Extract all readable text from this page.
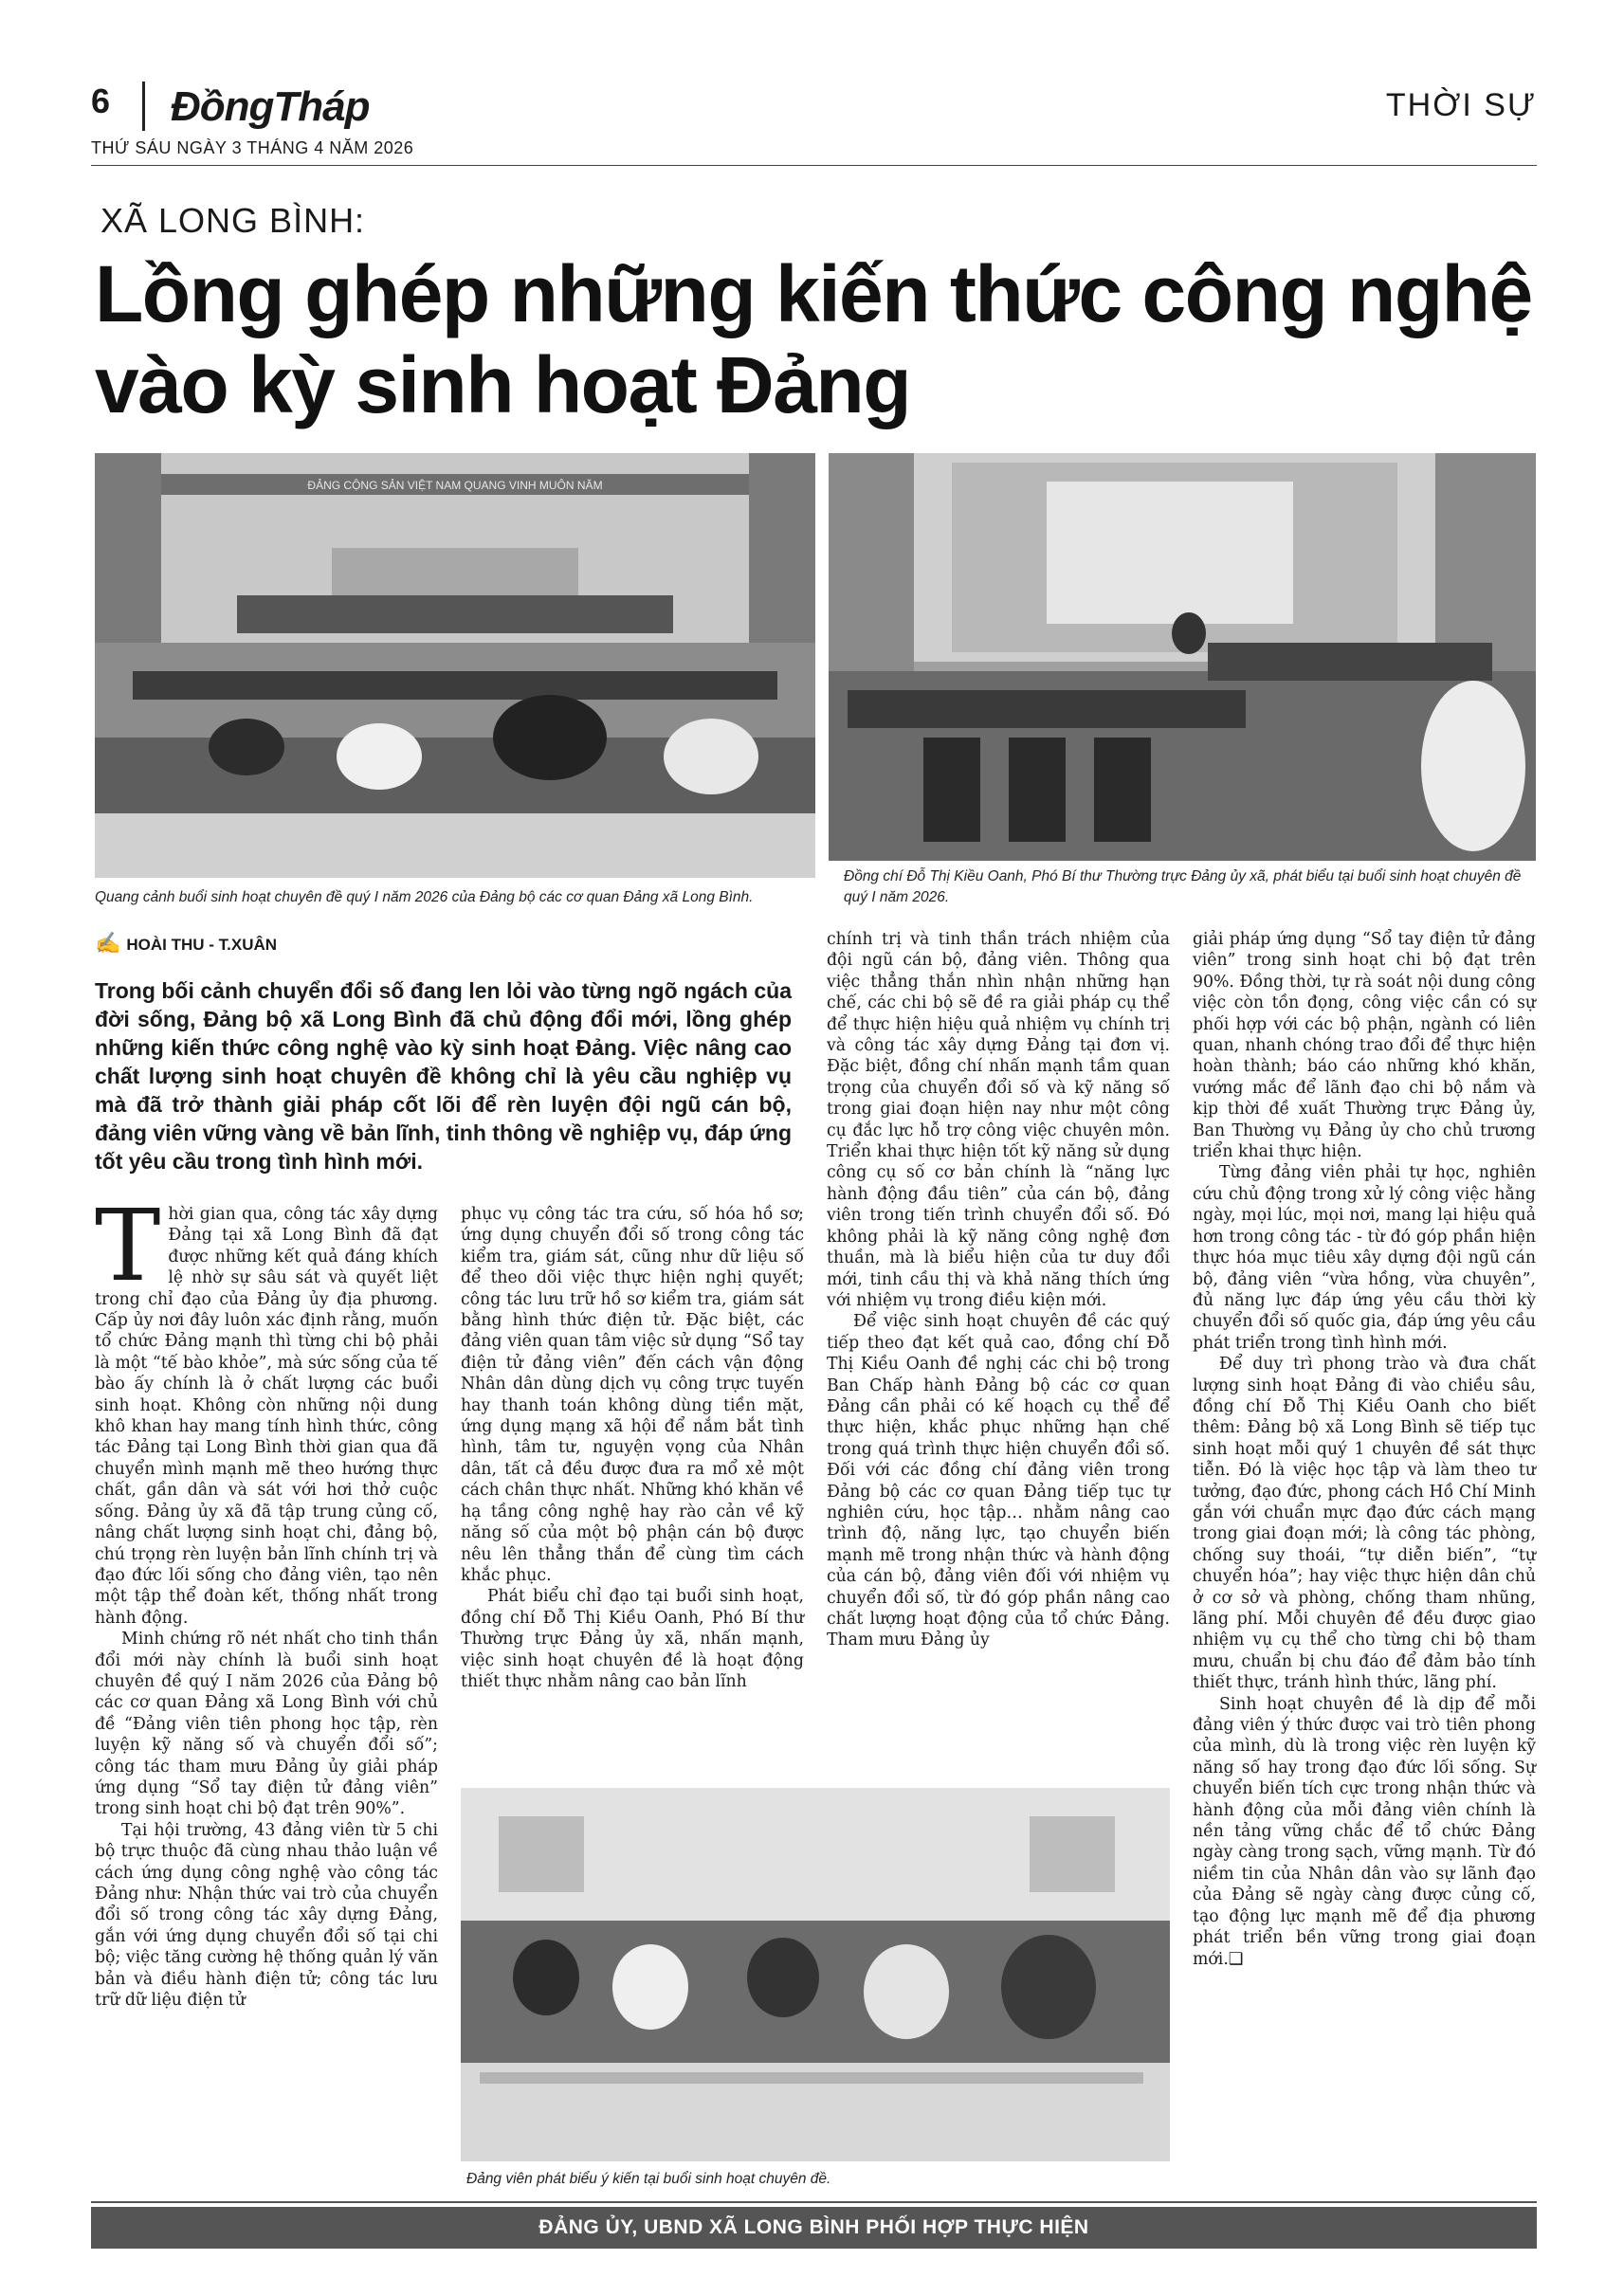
6 ĐồngTháp	THỜI SỰ
THỨ SÁU NGÀY 3 THÁNG 4 NĂM 2026
XÃ LONG BÌNH:
Lồng ghép những kiến thức công nghệ vào kỳ sinh hoạt Đảng
ĐẢNG CỘNG SẢN VIỆT NAM QUANG VINH MUÔN NĂM
Quang cảnh buổi sinh hoạt chuyên đề quý I năm 2026 của Đảng bộ các cơ quan Đảng xã Long Bình.
Đồng chí Đỗ Thị Kiều Oanh, Phó Bí thư Thường trực Đảng ủy xã, phát biểu tại buổi sinh hoạt chuyên đề quý I năm 2026.
✍ HOÀI THU - T.XUÂN
Trong bối cảnh chuyển đổi số đang len lỏi vào từng ngõ ngách của đời sống, Đảng bộ xã Long Bình đã chủ động đổi mới, lồng ghép những kiến thức công nghệ vào kỳ sinh hoạt Đảng. Việc nâng cao chất lượng sinh hoạt chuyên đề không chỉ là yêu cầu nghiệp vụ mà đã trở thành giải pháp cốt lõi để rèn luyện đội ngũ cán bộ, đảng viên vững vàng về bản lĩnh, tinh thông về nghiệp vụ, đáp ứng tốt yêu cầu trong tình hình mới.

Thời gian qua, công tác xây dựng Đảng tại xã Long Bình đã đạt được những kết quả đáng khích lệ nhờ sự sâu sát và quyết liệt trong chỉ đạo của Đảng ủy địa phương. Cấp ủy nơi đây luôn xác định rằng, muốn tổ chức Đảng mạnh thì từng chi bộ phải là một “tế bào khỏe”, mà sức sống của tế bào ấy chính là ở chất lượng các buổi sinh hoạt. Không còn những nội dung khô khan hay mang tính hình thức, công tác Đảng tại Long Bình thời gian qua đã chuyển mình mạnh mẽ theo hướng thực chất, gần dân và sát với hơi thở cuộc sống. Đảng ủy xã đã tập trung củng cố, nâng chất lượng sinh hoạt chi, đảng bộ, chú trọng rèn luyện bản lĩnh chính trị và đạo đức lối sống cho đảng viên, tạo nên một tập thể đoàn kết, thống nhất trong hành động.

Minh chứng rõ nét nhất cho tinh thần đổi mới này chính là buổi sinh hoạt chuyên đề quý I năm 2026 của Đảng bộ các cơ quan Đảng xã Long Bình với chủ đề “Đảng viên tiên phong học tập, rèn luyện kỹ năng số và chuyển đổi số”; công tác tham mưu Đảng ủy giải pháp ứng dụng “Sổ tay điện tử đảng viên” trong sinh hoạt chi bộ đạt trên 90%”.

Tại hội trường, 43 đảng viên từ 5 chi bộ trực thuộc đã cùng nhau thảo luận về cách ứng dụng công nghệ vào công tác Đảng như: Nhận thức vai trò của chuyển đổi số trong công tác xây dựng Đảng, gắn với ứng dụng chuyển đổi số tại chi bộ; việc tăng cường hệ thống quản lý văn bản và điều hành điện tử; công tác lưu trữ dữ liệu điện tử

phục vụ công tác tra cứu, số hóa hồ sơ; ứng dụng chuyển đổi số trong công tác kiểm tra, giám sát, cũng như dữ liệu số để theo dõi việc thực hiện nghị quyết; công tác lưu trữ hồ sơ kiểm tra, giám sát bằng hình thức điện tử. Đặc biệt, các đảng viên quan tâm việc sử dụng “Sổ tay điện tử đảng viên” đến cách vận động Nhân dân dùng dịch vụ công trực tuyến hay thanh toán không dùng tiền mặt, ứng dụng mạng xã hội để nắm bắt tình hình, tâm tư, nguyện vọng của Nhân dân, tất cả đều được đưa ra mổ xẻ một cách chân thực nhất. Những khó khăn về hạ tầng công nghệ hay rào cản về kỹ năng số của một bộ phận cán bộ được nêu lên thẳng thắn để cùng tìm cách khắc phục.

Phát biểu chỉ đạo tại buổi sinh hoạt, đồng chí Đỗ Thị Kiều Oanh, Phó Bí thư Thường trực Đảng ủy xã, nhấn mạnh, việc sinh hoạt chuyên đề là hoạt động thiết thực nhằm nâng cao bản lĩnh

chính trị và tinh thần trách nhiệm của đội ngũ cán bộ, đảng viên. Thông qua việc thẳng thắn nhìn nhận những hạn chế, các chi bộ sẽ đề ra giải pháp cụ thể để thực hiện hiệu quả nhiệm vụ chính trị và công tác xây dựng Đảng tại đơn vị. Đặc biệt, đồng chí nhấn mạnh tầm quan trọng của chuyển đổi số và kỹ năng số trong giai đoạn hiện nay như một công cụ đắc lực hỗ trợ công việc chuyên môn. Triển khai thực hiện tốt kỹ năng sử dụng công cụ số cơ bản chính là “năng lực hành động đầu tiên” của cán bộ, đảng viên trong tiến trình chuyển đổi số. Đó không phải là kỹ năng công nghệ đơn thuần, mà là biểu hiện của tư duy đổi mới, tinh cầu thị và khả năng thích ứng với nhiệm vụ trong điều kiện mới.

Để việc sinh hoạt chuyên đề các quý tiếp theo đạt kết quả cao, đồng chí Đỗ Thị Kiều Oanh đề nghị các chi bộ trong Ban Chấp hành Đảng bộ các cơ quan Đảng cần phải có kế hoạch cụ thể để thực hiện, khắc phục những hạn chế trong quá trình thực hiện chuyển đổi số. Đối với các đồng chí đảng viên trong Đảng bộ các cơ quan Đảng tiếp tục tự nghiên cứu, học tập… nhằm nâng cao trình độ, năng lực, tạo chuyển biến mạnh mẽ trong nhận thức và hành động của cán bộ, đảng viên đối với nhiệm vụ chuyển đổi số, từ đó góp phần nâng cao chất lượng hoạt động của tổ chức Đảng. Tham mưu Đảng ủy

Đảng viên phát biểu ý kiến tại buổi sinh hoạt chuyên đề.

giải pháp ứng dụng “Sổ tay điện tử đảng viên” trong sinh hoạt chi bộ đạt trên 90%. Đồng thời, tự rà soát nội dung công việc còn tồn đọng, công việc cần có sự phối hợp với các bộ phận, ngành có liên quan, nhanh chóng trao đổi để thực hiện hoàn thành; báo cáo những khó khăn, vướng mắc để lãnh đạo chi bộ nắm và kịp thời đề xuất Thường trực Đảng ủy, Ban Thường vụ Đảng ủy cho chủ trương triển khai thực hiện.

Từng đảng viên phải tự học, nghiên cứu chủ động trong xử lý công việc hằng ngày, mọi lúc, mọi nơi, mang lại hiệu quả hơn trong công tác - từ đó góp phần hiện thực hóa mục tiêu xây dựng đội ngũ cán bộ, đảng viên “vừa hồng, vừa chuyên”, đủ năng lực đáp ứng yêu cầu thời kỳ chuyển đổi số quốc gia, đáp ứng yêu cầu phát triển trong tình hình mới.

Để duy trì phong trào và đưa chất lượng sinh hoạt Đảng đi vào chiều sâu, đồng chí Đỗ Thị Kiều Oanh cho biết thêm: Đảng bộ xã Long Bình sẽ tiếp tục sinh hoạt mỗi quý 1 chuyên đề sát thực tiễn. Đó là việc học tập và làm theo tư tưởng, đạo đức, phong cách Hồ Chí Minh gắn với chuẩn mực đạo đức cách mạng trong giai đoạn mới; là công tác phòng, chống suy thoái, “tự diễn biến”, “tự chuyển hóa”; hay việc thực hiện dân chủ ở cơ sở và phòng, chống tham nhũng, lãng phí. Mỗi chuyên đề đều được giao nhiệm vụ cụ thể cho từng chi bộ tham mưu, chuẩn bị chu đáo để đảm bảo tính thiết thực, tránh hình thức, lãng phí.

Sinh hoạt chuyên đề là dịp để mỗi đảng viên ý thức được vai trò tiên phong của mình, dù là trong việc rèn luyện kỹ năng số hay trong đạo đức lối sống. Sự chuyển biến tích cực trong nhận thức và hành động của mỗi đảng viên chính là nền tảng vững chắc để tổ chức Đảng ngày càng trong sạch, vững mạnh. Từ đó niềm tin của Nhân dân vào sự lãnh đạo của Đảng sẽ ngày càng được củng cố, tạo động lực mạnh mẽ để địa phương phát triển bền vững trong giai đoạn mới.❑

ĐẢNG ỦY, UBND XÃ LONG BÌNH PHỐI HỢP THỰC HIỆN
